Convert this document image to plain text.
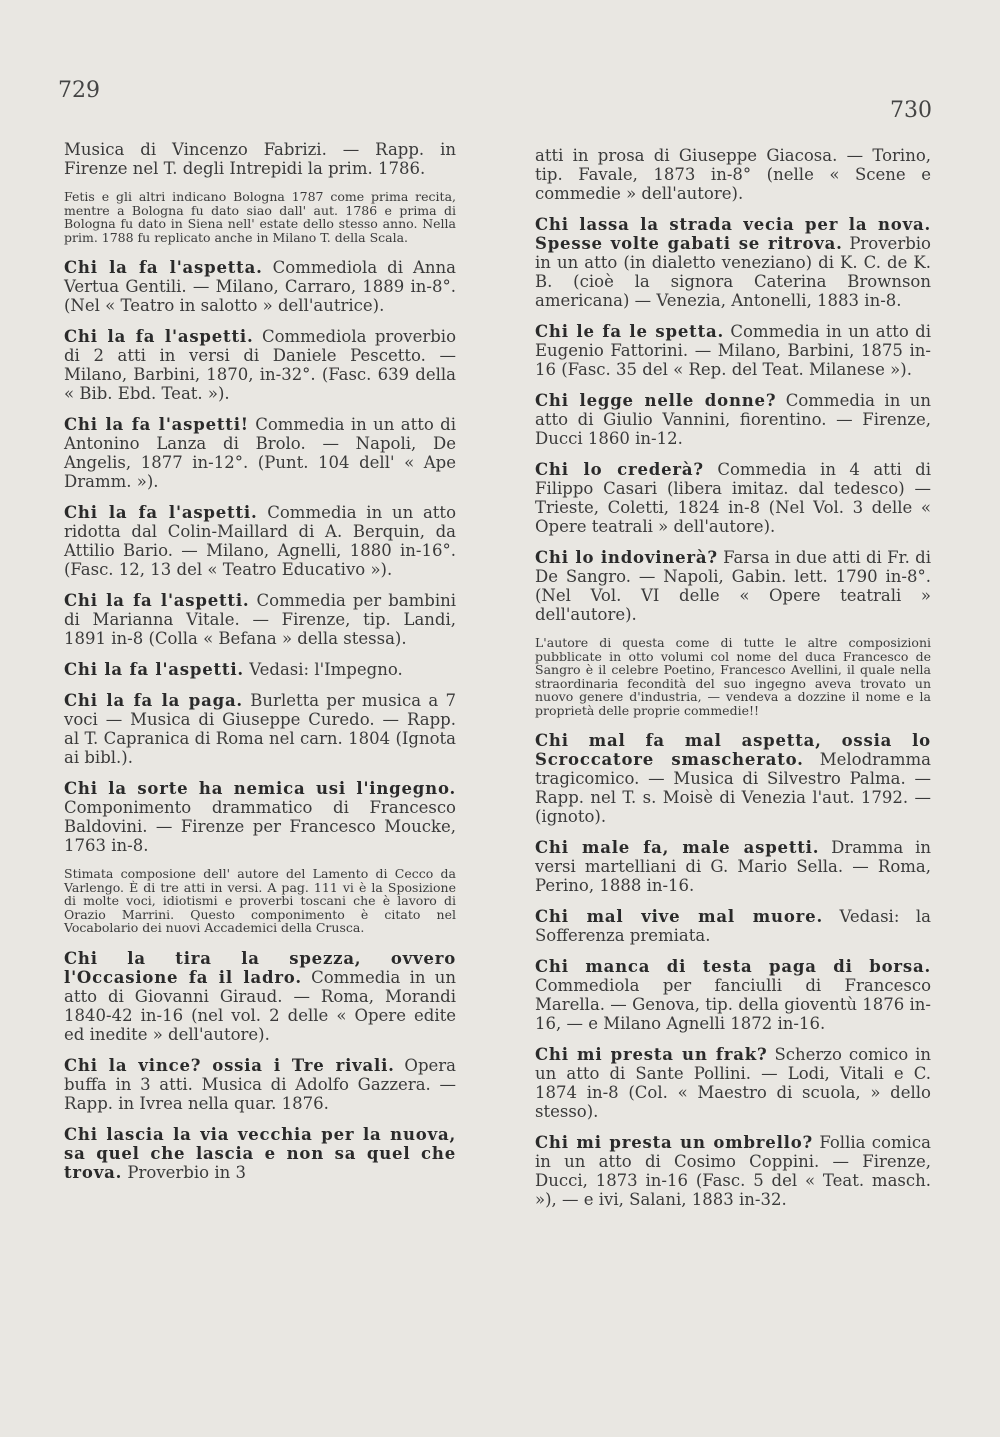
729
730
Musica di Vincenzo Fabrizi. — Rapp. in Firenze nel T. degli Intrepidi la prim. 1786.
Fetis e gli altri indicano Bologna 1787 come prima recita, mentre a Bologna fu dato siao dall' aut. 1786 e prima di Bologna fu dato in Siena nell' estate dello stesso anno. Nella prim. 1788 fu replicato anche in Milano T. della Scala.
Chi la fa l'aspetta. Commediola di Anna Vertua Gentili. — Milano, Carraro, 1889 in-8°. (Nel « Teatro in salotto » dell'autrice).
Chi la fa l'aspetti. Commediola proverbio di 2 atti in versi di Daniele Pescetto. — Milano, Barbini, 1870, in-32°. (Fasc. 639 della « Bib. Ebd. Teat. »).
Chi la fa l'aspetti! Commedia in un atto di Antonino Lanza di Brolo. — Napoli, De Angelis, 1877 in-12°. (Punt. 104 dell' « Ape Dramm. »).
Chi la fa l'aspetti. Commedia in un atto ridotta dal Colin-Maillard di A. Berquin, da Attilio Bario. — Milano, Agnelli, 1880 in-16°. (Fasc. 12, 13 del « Teatro Educativo »).
Chi la fa l'aspetti. Commedia per bambini di Marianna Vitale. — Firenze, tip. Landi, 1891 in-8 (Colla « Befana » della stessa).
Chi la fa l'aspetti. Vedasi: l'Impegno.
Chi la fa la paga. Burletta per musica a 7 voci — Musica di Giuseppe Curedo. — Rapp. al T. Capranica di Roma nel carn. 1804 (Ignota ai bibl.).
Chi la sorte ha nemica usi l'ingegno. Componimento drammatico di Francesco Baldovini. — Firenze per Francesco Moucke, 1763 in-8.
Stimata composione dell' autore del Lamento di Cecco da Varlengo. È di tre atti in versi. A pag. 111 vi è la Sposizione di molte voci, idiotismi e proverbi toscani che è lavoro di Orazio Marrini. Questo componimento è citato nel Vocabolario dei nuovi Accademici della Crusca.
Chi la tira la spezza, ovvero l'Occasione fa il ladro. Commedia in un atto di Giovanni Giraud. — Roma, Morandi 1840-42 in-16 (nel vol. 2 delle « Opere edite ed inedite » dell'autore).
Chi la vince? ossia i Tre rivali. Opera buffa in 3 atti. Musica di Adolfo Gazzera. — Rapp. in Ivrea nella quar. 1876.
Chi lascia la via vecchia per la nuova, sa quel che lascia e non sa quel che trova. Proverbio in 3
atti in prosa di Giuseppe Giacosa. — Torino, tip. Favale, 1873 in-8° (nelle « Scene e commedie » dell'autore).
Chi lassa la strada vecia per la nova. Spesse volte gabati se ritrova. Proverbio in un atto (in dialetto veneziano) di K. C. de K. B. (cioè la signora Caterina Brownson americana) — Venezia, Antonelli, 1883 in-8.
Chi le fa le spetta. Commedia in un atto di Eugenio Fattorini. — Milano, Barbini, 1875 in-16 (Fasc. 35 del « Rep. del Teat. Milanese »).
Chi legge nelle donne? Commedia in un atto di Giulio Vannini, fiorentino. — Firenze, Ducci 1860 in-12.
Chi lo crederà? Commedia in 4 atti di Filippo Casari (libera imitaz. dal tedesco) — Trieste, Coletti, 1824 in-8 (Nel Vol. 3 delle « Opere teatrali » dell'autore).
Chi lo indovinerà? Farsa in due atti di Fr. di De Sangro. — Napoli, Gabin. lett. 1790 in-8°. (Nel Vol. VI delle « Opere teatrali » dell'autore).
L'autore di questa come di tutte le altre composizioni pubblicate in otto volumi col nome del duca Francesco de Sangro è il celebre Poetino, Francesco Avellini, il quale nella straordinaria fecondità del suo ingegno aveva trovato un nuovo genere d'industria, — vendeva a dozzine il nome e la proprietà delle proprie commedie!!
Chi mal fa mal aspetta, ossia lo Scroccatore smascherato. Melodramma tragicomico. — Musica di Silvestro Palma. — Rapp. nel T. s. Moisè di Venezia l'aut. 1792. — (ignoto).
Chi male fa, male aspetti. Dramma in versi martelliani di G. Mario Sella. — Roma, Perino, 1888 in-16.
Chi mal vive mal muore. Vedasi: la Sofferenza premiata.
Chi manca di testa paga di borsa. Commediola per fanciulli di Francesco Marella. — Genova, tip. della gioventù 1876 in-16, — e Milano Agnelli 1872 in-16.
Chi mi presta un frak? Scherzo comico in un atto di Sante Pollini. — Lodi, Vitali e C. 1874 in-8 (Col. « Maestro di scuola, » dello stesso).
Chi mi presta un ombrello? Follia comica in un atto di Cosimo Coppini. — Firenze, Ducci, 1873 in-16 (Fasc. 5 del « Teat. masch. »), — e ivi, Salani, 1883 in-32.
